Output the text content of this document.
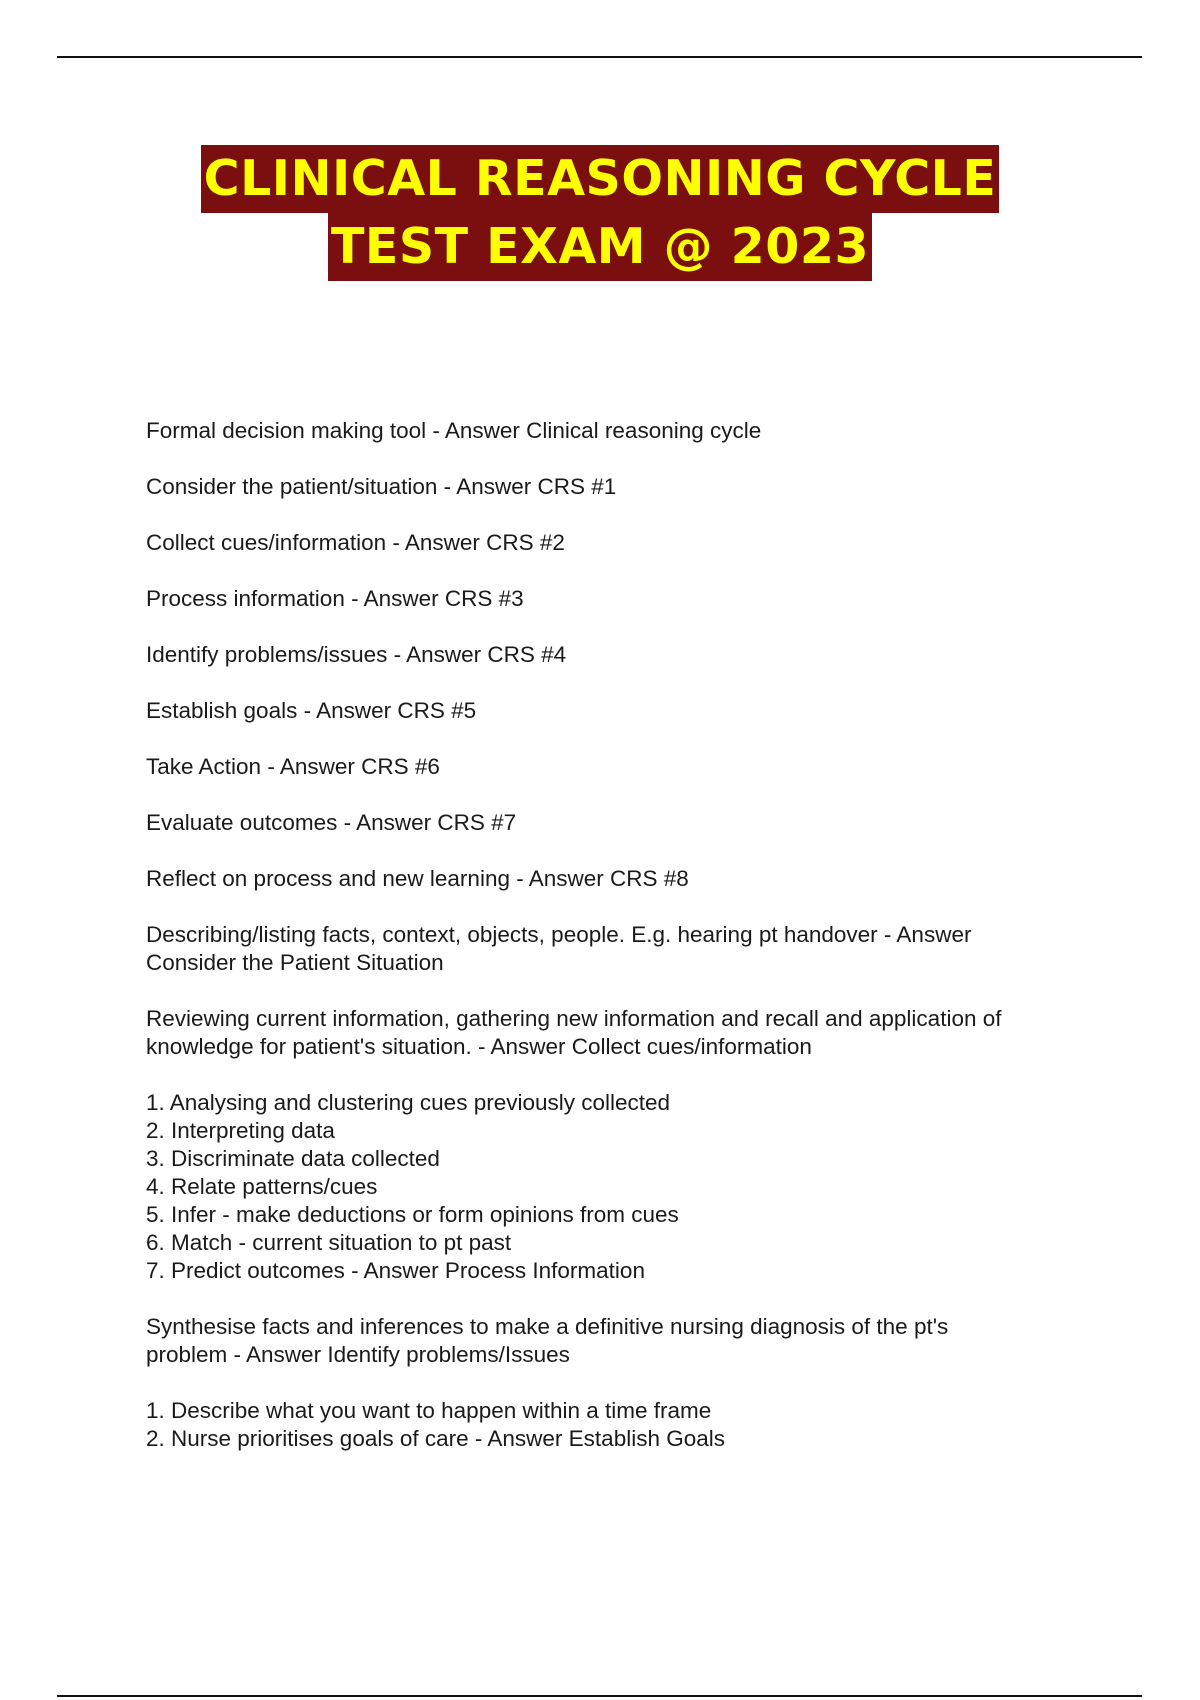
CLINICAL REASONING CYCLE
TEST EXAM @ 2023
Formal decision making tool - Answer Clinical reasoning cycle
Consider the patient/situation - Answer CRS #1
Collect cues/information - Answer CRS #2
Process information - Answer CRS #3
Identify problems/issues - Answer CRS #4
Establish goals - Answer CRS #5
Take Action - Answer CRS #6
Evaluate outcomes - Answer CRS #7
Reflect on process and new learning - Answer CRS #8
Describing/listing facts, context, objects, people. E.g. hearing pt handover - Answer
Consider the Patient Situation
Reviewing current information, gathering new information and recall and application of
knowledge for patient's situation. - Answer Collect cues/information
1. Analysing and clustering cues previously collected
2. Interpreting data
3. Discriminate data collected
4. Relate patterns/cues
5. Infer - make deductions or form opinions from cues
6. Match - current situation to pt past
7. Predict outcomes - Answer Process Information
Synthesise facts and inferences to make a definitive nursing diagnosis of the pt's
problem - Answer Identify problems/Issues
1. Describe what you want to happen within a time frame
2. Nurse prioritises goals of care - Answer Establish Goals
